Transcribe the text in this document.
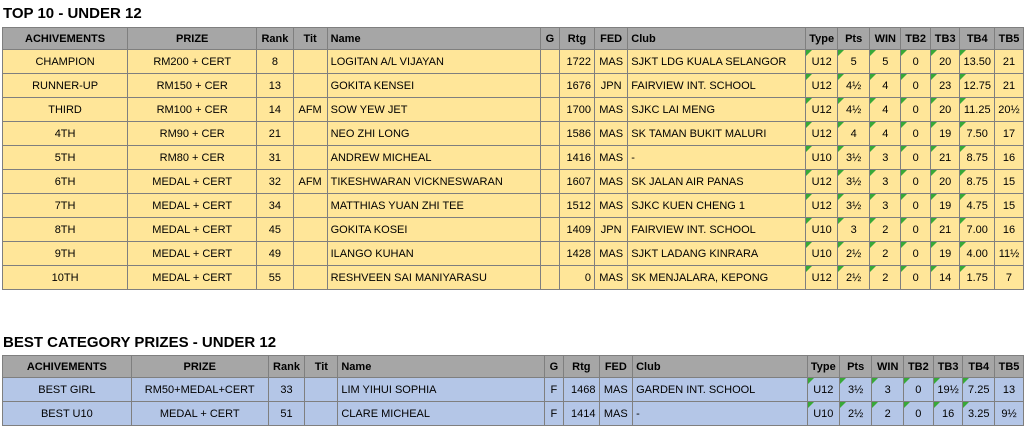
TOP 10 - UNDER 12
ACHIVEMENTS	PRIZE	Rank	Tit	Name	G	Rtg	FED	Club	Type	Pts	WIN	TB2	TB3	TB4	TB5
CHAMPION	RM200 + CERT	8		LOGITAN A/L VIJAYAN		1722	MAS	SJKT LDG KUALA SELANGOR	U12	5	5	0	20	13.50	21
RUNNER-UP	RM150 + CER	13		GOKITA KENSEI		1676	JPN	FAIRVIEW INT. SCHOOL	U12	4½	4	0	23	12.75	21
THIRD	RM100 + CER	14	AFM	SOW YEW JET		1700	MAS	SJKC LAI MENG	U12	4½	4	0	20	11.25	20½
4TH	RM90 + CER	21		NEO ZHI LONG		1586	MAS	SK TAMAN BUKIT MALURI	U12	4	4	0	19	7.50	17
5TH	RM80 + CER	31		ANDREW MICHEAL		1416	MAS	-	U10	3½	3	0	21	8.75	16
6TH	MEDAL + CERT	32	AFM	TIKESHWARAN VICKNESWARAN		1607	MAS	SK JALAN AIR PANAS	U12	3½	3	0	20	8.75	15
7TH	MEDAL + CERT	34		MATTHIAS YUAN ZHI TEE		1512	MAS	SJKC KUEN CHENG 1	U12	3½	3	0	19	4.75	15
8TH	MEDAL + CERT	45		GOKITA KOSEI		1409	JPN	FAIRVIEW INT. SCHOOL	U10	3	2	0	21	7.00	16
9TH	MEDAL + CERT	49		ILANGO KUHAN		1428	MAS	SJKT LADANG KINRARA	U10	2½	2	0	19	4.00	11½
10TH	MEDAL + CERT	55		RESHVEEN SAI MANIYARASU		0	MAS	SK MENJALARA, KEPONG	U12	2½	2	0	14	1.75	7
BEST CATEGORY PRIZES - UNDER 12
ACHIVEMENTS	PRIZE	Rank	Tit	Name	G	Rtg	FED	Club	Type	Pts	WIN	TB2	TB3	TB4	TB5
BEST GIRL	RM50+MEDAL+CERT	33		LIM YIHUI SOPHIA	F	1468	MAS	GARDEN INT. SCHOOL	U12	3½	3	0	19½	7.25	13
BEST U10	MEDAL + CERT	51		CLARE MICHEAL	F	1414	MAS	-	U10	2½	2	0	16	3.25	9½
